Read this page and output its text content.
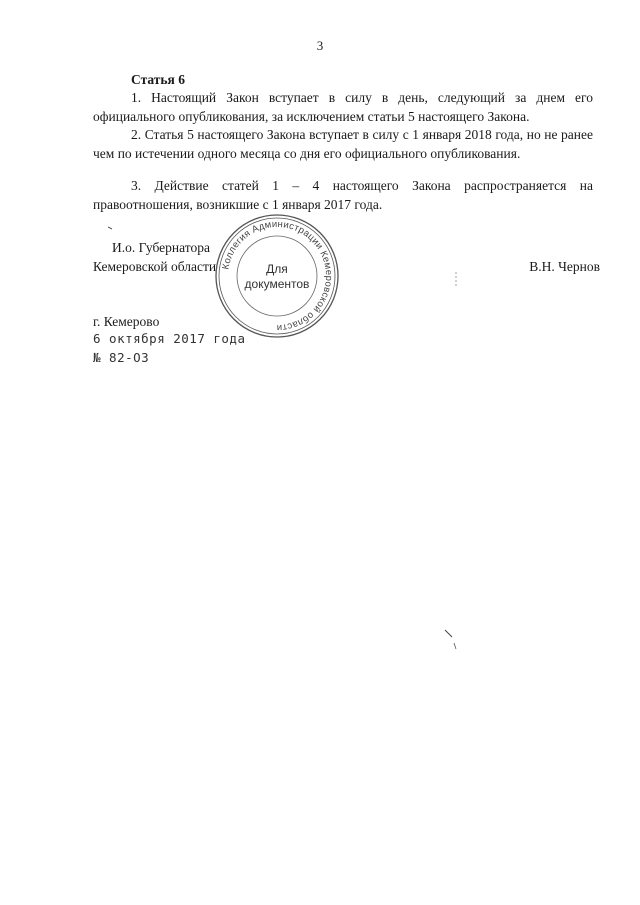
3
Статья 6

1. Настоящий Закон вступает в силу в день, следующий за днем его официального опубликования, за исключением статьи 5 настоящего Закона.

2. Статья 5 настоящего Закона вступает в силу с 1 января 2018 года, но не ранее чем по истечении одного месяца со дня его официального опубликования.

3. Действие статей 1 – 4 настоящего Закона распространяется на правоотношения, возникшие с 1 января 2017 года.

И.о. Губернатора
Кемеровской области	В.Н. Чернов
Коллегия Администрации Кемеровской области
Для
документов
г. Кемерово
6 октября 2017 года
№ 82-ОЗ
